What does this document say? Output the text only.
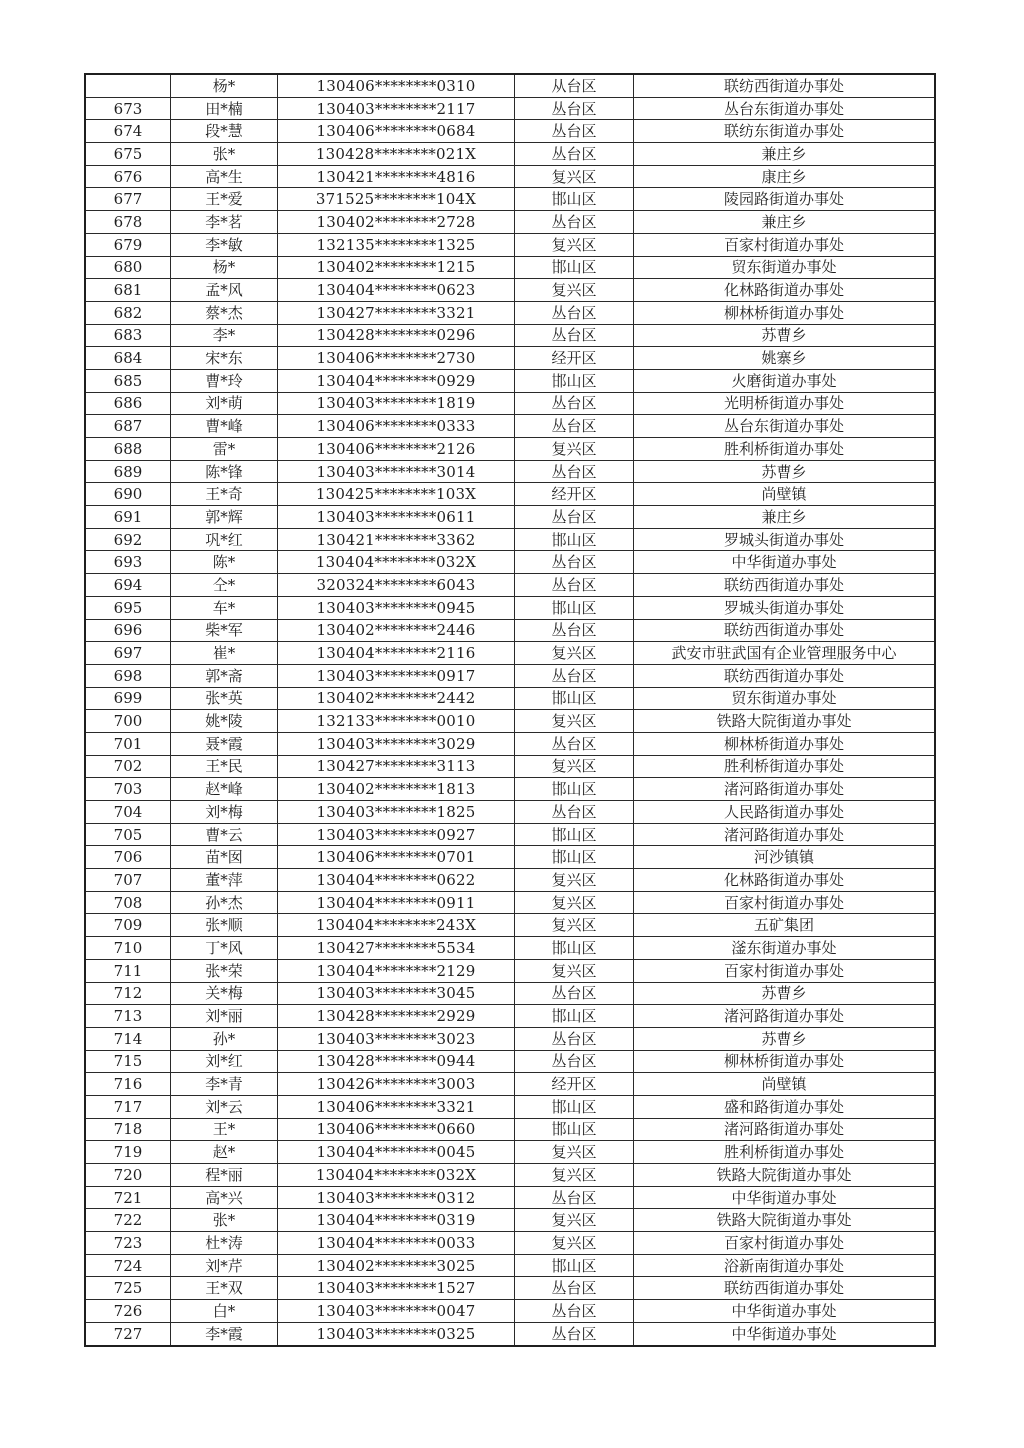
	杨*	130406********0310	从台区	联纺西街道办事处
673	田*楠	130403********2117	丛台区	丛台东街道办事处
674	段*慧	130406********0684	丛台区	联纺东街道办事处
675	张*	130428********021X	丛台区	兼庄乡
676	高*生	130421********4816	复兴区	康庄乡
677	王*爱	371525********104X	邯山区	陵园路街道办事处
678	李*茗	130402********2728	丛台区	兼庄乡
679	李*敏	132135********1325	复兴区	百家村街道办事处
680	杨*	130402********1215	邯山区	贸东街道办事处
681	孟*风	130404********0623	复兴区	化林路街道办事处
682	蔡*杰	130427********3321	丛台区	柳林桥街道办事处
683	李*	130428********0296	丛台区	苏曹乡
684	宋*东	130406********2730	经开区	姚寨乡
685	曹*玲	130404********0929	邯山区	火磨街道办事处
686	刘*萌	130403********1819	丛台区	光明桥街道办事处
687	曹*峰	130406********0333	丛台区	丛台东街道办事处
688	雷*	130406********2126	复兴区	胜利桥街道办事处
689	陈*锋	130403********3014	丛台区	苏曹乡
690	王*奇	130425********103X	经开区	尚壁镇
691	郭*辉	130403********0611	丛台区	兼庄乡
692	巩*红	130421********3362	邯山区	罗城头街道办事处
693	陈*	130404********032X	丛台区	中华街道办事处
694	仝*	320324********6043	丛台区	联纺西街道办事处
695	车*	130403********0945	邯山区	罗城头街道办事处
696	柴*军	130402********2446	丛台区	联纺西街道办事处
697	崔*	130404********2116	复兴区	武安市驻武国有企业管理服务中心
698	郭*斋	130403********0917	丛台区	联纺西街道办事处
699	张*英	130402********2442	邯山区	贸东街道办事处
700	姚*陵	132133********0010	复兴区	铁路大院街道办事处
701	聂*霞	130403********3029	丛台区	柳林桥街道办事处
702	王*民	130427********3113	复兴区	胜利桥街道办事处
703	赵*峰	130402********1813	邯山区	渚河路街道办事处
704	刘*梅	130403********1825	丛台区	人民路街道办事处
705	曹*云	130403********0927	邯山区	渚河路街道办事处
706	苗*囡	130406********0701	邯山区	河沙镇镇
707	董*萍	130404********0622	复兴区	化林路街道办事处
708	孙*杰	130404********0911	复兴区	百家村街道办事处
709	张*顺	130404********243X	复兴区	五矿集团
710	丁*风	130427********5534	邯山区	滏东街道办事处
711	张*荣	130404********2129	复兴区	百家村街道办事处
712	关*梅	130403********3045	丛台区	苏曹乡
713	刘*丽	130428********2929	邯山区	渚河路街道办事处
714	孙*	130403********3023	丛台区	苏曹乡
715	刘*红	130428********0944	丛台区	柳林桥街道办事处
716	李*青	130426********3003	经开区	尚壁镇
717	刘*云	130406********3321	邯山区	盛和路街道办事处
718	王*	130406********0660	邯山区	渚河路街道办事处
719	赵*	130404********0045	复兴区	胜利桥街道办事处
720	程*丽	130404********032X	复兴区	铁路大院街道办事处
721	高*兴	130403********0312	丛台区	中华街道办事处
722	张*	130404********0319	复兴区	铁路大院街道办事处
723	杜*涛	130404********0033	复兴区	百家村街道办事处
724	刘*芹	130402********3025	邯山区	浴新南街道办事处
725	王*双	130403********1527	丛台区	联纺西街道办事处
726	白*	130403********0047	丛台区	中华街道办事处
727	李*霞	130403********0325	丛台区	中华街道办事处
